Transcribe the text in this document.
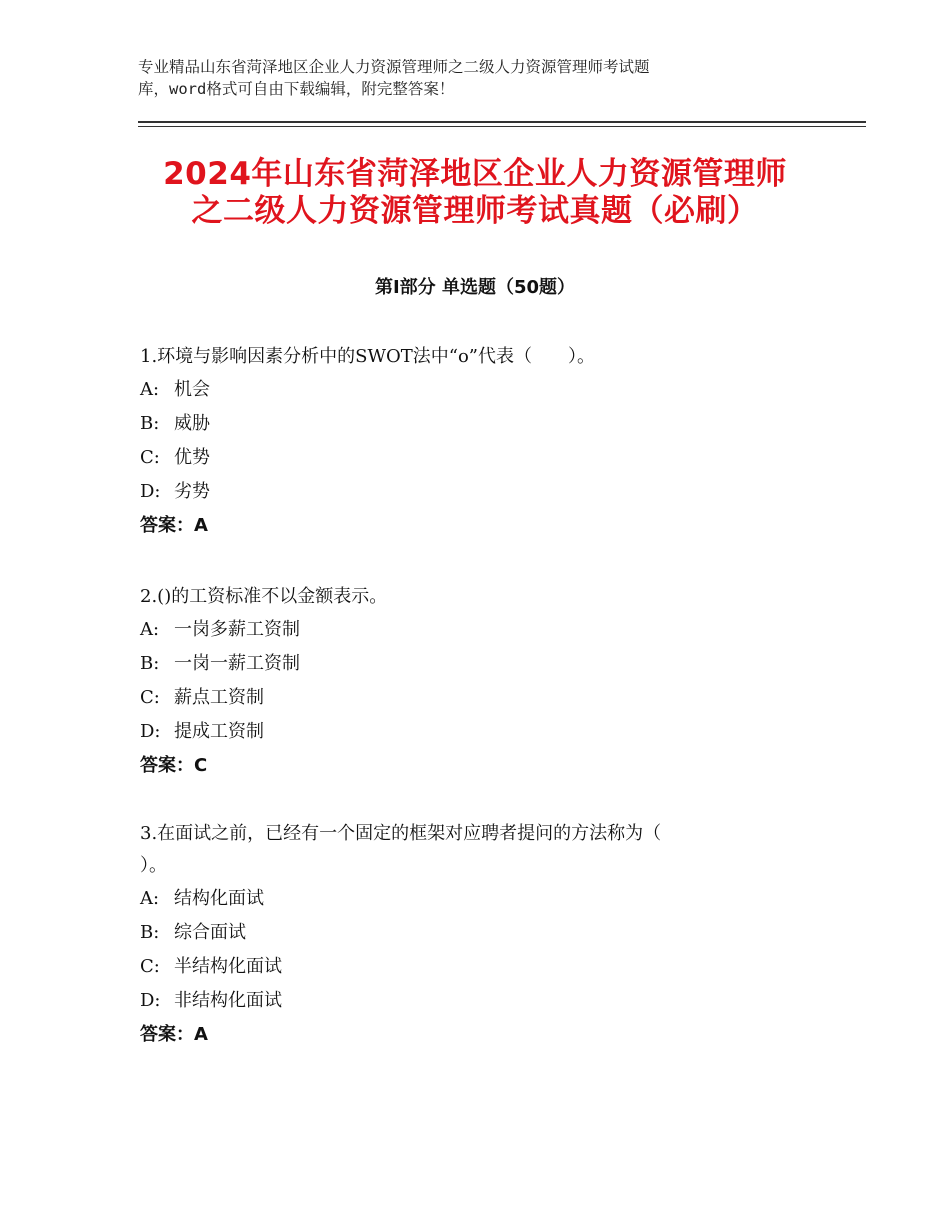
专业精品山东省菏泽地区企业人力资源管理师之二级人力资源管理师考试题
库，word格式可自由下载编辑，附完整答案！
2024年山东省菏泽地区企业人力资源管理师
之二级人力资源管理师考试真题（必刷）
第Ⅰ部分 单选题（50题）

1.环境与影响因素分析中的SWOT法中“o”代表（　　）。

A: 机会

B: 威胁

C: 优势

D: 劣势

答案：A

2.()的工资标准不以金额表示。

A: 一岗多薪工资制

B: 一岗一薪工资制

C: 薪点工资制

D: 提成工资制

答案：C

3.在面试之前，已经有一个固定的框架对应聘者提问的方法称为（

）。

A: 结构化面试

B: 综合面试

C: 半结构化面试

D: 非结构化面试

答案：A
